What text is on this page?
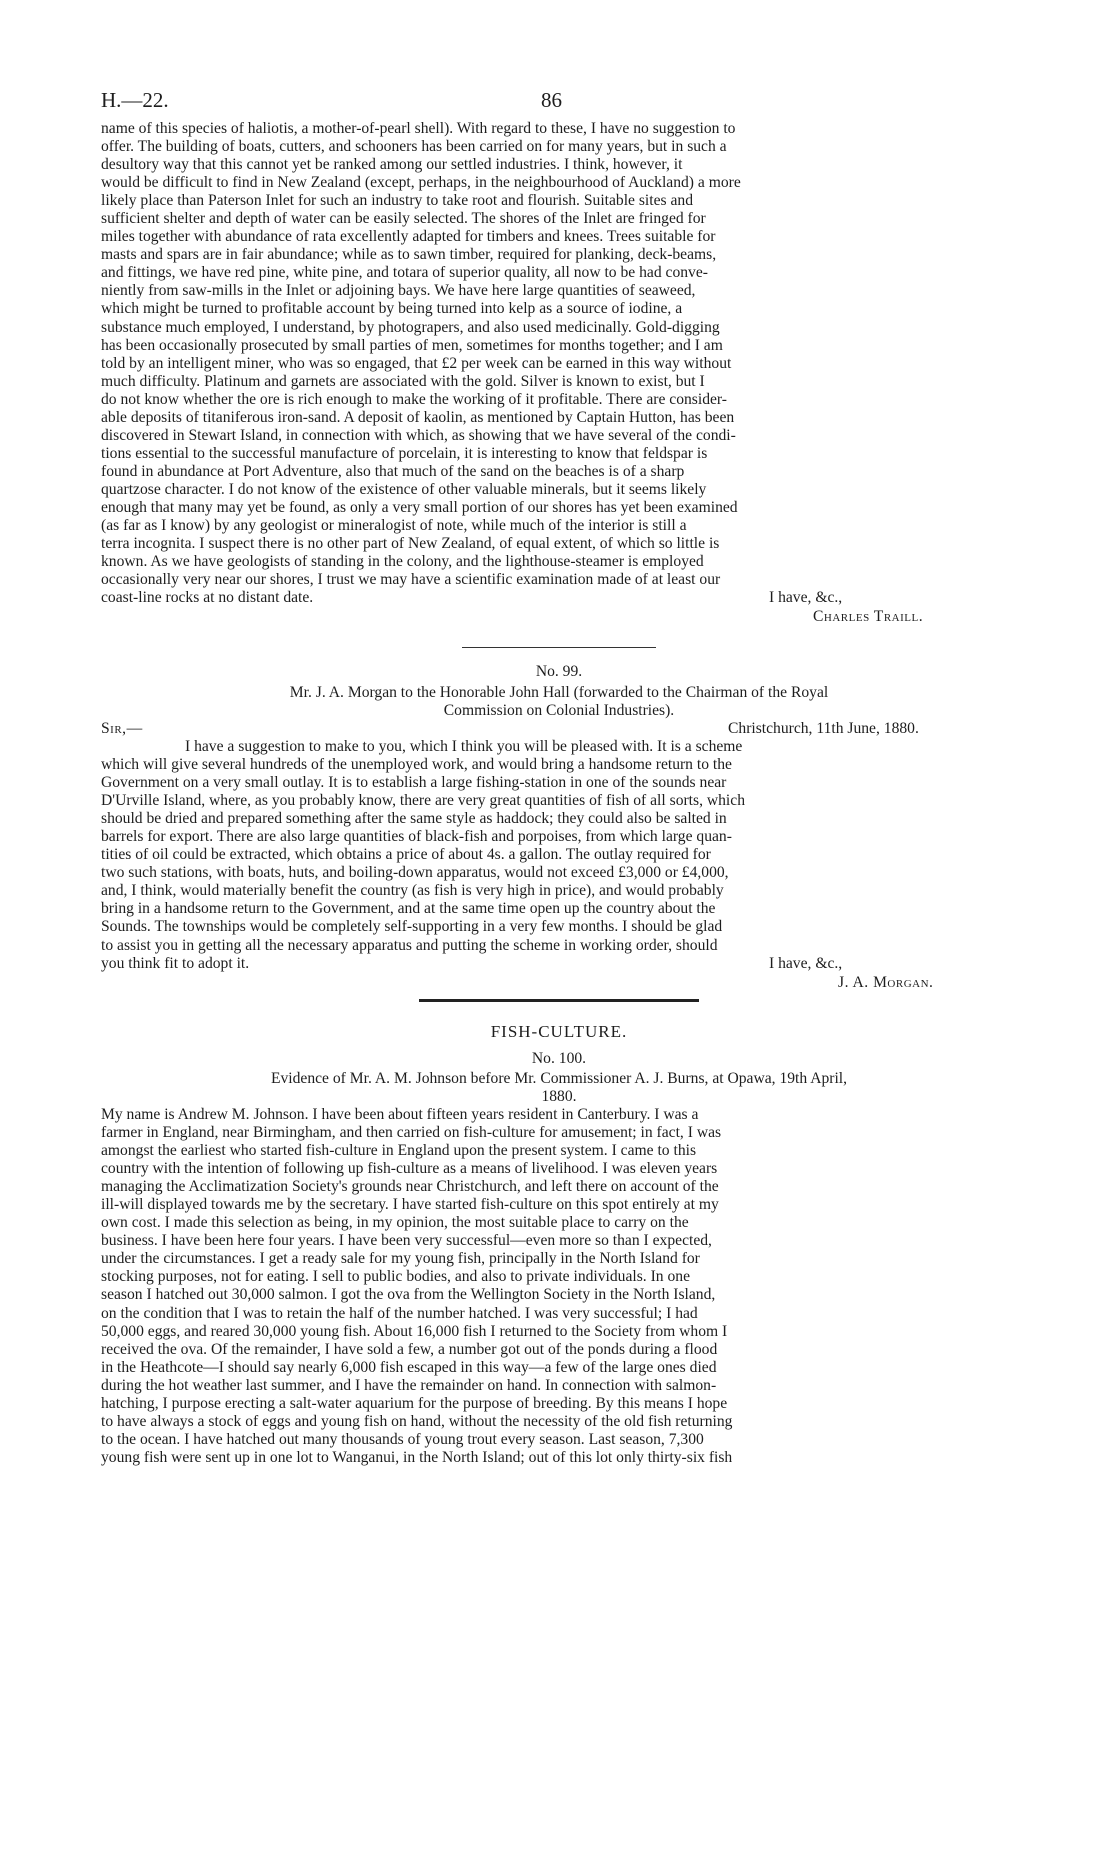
H.—22.	86
name of this species of haliotis, a mother-of-pearl shell). With regard to these, I have no suggestion to
offer. The building of boats, cutters, and schooners has been carried on for many years, but in such a
desultory way that this cannot yet be ranked among our settled industries. I think, however, it
would be difficult to find in New Zealand (except, perhaps, in the neighbourhood of Auckland) a more
likely place than Paterson Inlet for such an industry to take root and flourish. Suitable sites and
sufficient shelter and depth of water can be easily selected. The shores of the Inlet are fringed for
miles together with abundance of rata excellently adapted for timbers and knees. Trees suitable for
masts and spars are in fair abundance; while as to sawn timber, required for planking, deck-beams,
and fittings, we have red pine, white pine, and totara of superior quality, all now to be had conve-
niently from saw-mills in the Inlet or adjoining bays. We have here large quantities of seaweed,
which might be turned to profitable account by being turned into kelp as a source of iodine, a
substance much employed, I understand, by photograpers, and also used medicinally. Gold-digging
has been occasionally prosecuted by small parties of men, sometimes for months together; and I am
told by an intelligent miner, who was so engaged, that £2 per week can be earned in this way without
much difficulty. Platinum and garnets are associated with the gold. Silver is known to exist, but I
do not know whether the ore is rich enough to make the working of it profitable. There are consider-
able deposits of titaniferous iron-sand. A deposit of kaolin, as mentioned by Captain Hutton, has been
discovered in Stewart Island, in connection with which, as showing that we have several of the condi-
tions essential to the successful manufacture of porcelain, it is interesting to know that feldspar is
found in abundance at Port Adventure, also that much of the sand on the beaches is of a sharp
quartzose character. I do not know of the existence of other valuable minerals, but it seems likely
enough that many may yet be found, as only a very small portion of our shores has yet been examined
(as far as I know) by any geologist or mineralogist of note, while much of the interior is still a
terra incognita. I suspect there is no other part of New Zealand, of equal extent, of which so little is
known. As we have geologists of standing in the colony, and the lighthouse-steamer is employed
occasionally very near our shores, I trust we may have a scientific examination made of at least our
coast-line rocks at no distant date.	I have, &c.,
Charles Traill.
No. 99.
Mr. J. A. Morgan to the Honorable John Hall (forwarded to the Chairman of the Royal
Commission on Colonial Industries).
Sir,—	Christchurch, 11th June, 1880.
I have a suggestion to make to you, which I think you will be pleased with. It is a scheme
which will give several hundreds of the unemployed work, and would bring a handsome return to the
Government on a very small outlay. It is to establish a large fishing-station in one of the sounds near
D'Urville Island, where, as you probably know, there are very great quantities of fish of all sorts, which
should be dried and prepared something after the same style as haddock; they could also be salted in
barrels for export. There are also large quantities of black-fish and porpoises, from which large quan-
tities of oil could be extracted, which obtains a price of about 4s. a gallon. The outlay required for
two such stations, with boats, huts, and boiling-down apparatus, would not exceed £3,000 or £4,000,
and, I think, would materially benefit the country (as fish is very high in price), and would probably
bring in a handsome return to the Government, and at the same time open up the country about the
Sounds. The townships would be completely self-supporting in a very few months. I should be glad
to assist you in getting all the necessary apparatus and putting the scheme in working order, should
you think fit to adopt it.	I have, &c.,
J. A. Morgan.
FISH-CULTURE.
No. 100.
Evidence of Mr. A. M. Johnson before Mr. Commissioner A. J. Burns, at Opawa, 19th April,
1880.
My name is Andrew M. Johnson. I have been about fifteen years resident in Canterbury. I was a
farmer in England, near Birmingham, and then carried on fish-culture for amusement; in fact, I was
amongst the earliest who started fish-culture in England upon the present system. I came to this
country with the intention of following up fish-culture as a means of livelihood. I was eleven years
managing the Acclimatization Society's grounds near Christchurch, and left there on account of the
ill-will displayed towards me by the secretary. I have started fish-culture on this spot entirely at my
own cost. I made this selection as being, in my opinion, the most suitable place to carry on the
business. I have been here four years. I have been very successful—even more so than I expected,
under the circumstances. I get a ready sale for my young fish, principally in the North Island for
stocking purposes, not for eating. I sell to public bodies, and also to private individuals. In one
season I hatched out 30,000 salmon. I got the ova from the Wellington Society in the North Island,
on the condition that I was to retain the half of the number hatched. I was very successful; I had
50,000 eggs, and reared 30,000 young fish. About 16,000 fish I returned to the Society from whom I
received the ova. Of the remainder, I have sold a few, a number got out of the ponds during a flood
in the Heathcote—I should say nearly 6,000 fish escaped in this way—a few of the large ones died
during the hot weather last summer, and I have the remainder on hand. In connection with salmon-
hatching, I purpose erecting a salt-water aquarium for the purpose of breeding. By this means I hope
to have always a stock of eggs and young fish on hand, without the necessity of the old fish returning
to the ocean. I have hatched out many thousands of young trout every season. Last season, 7,300
young fish were sent up in one lot to Wanganui, in the North Island; out of this lot only thirty-six fish
